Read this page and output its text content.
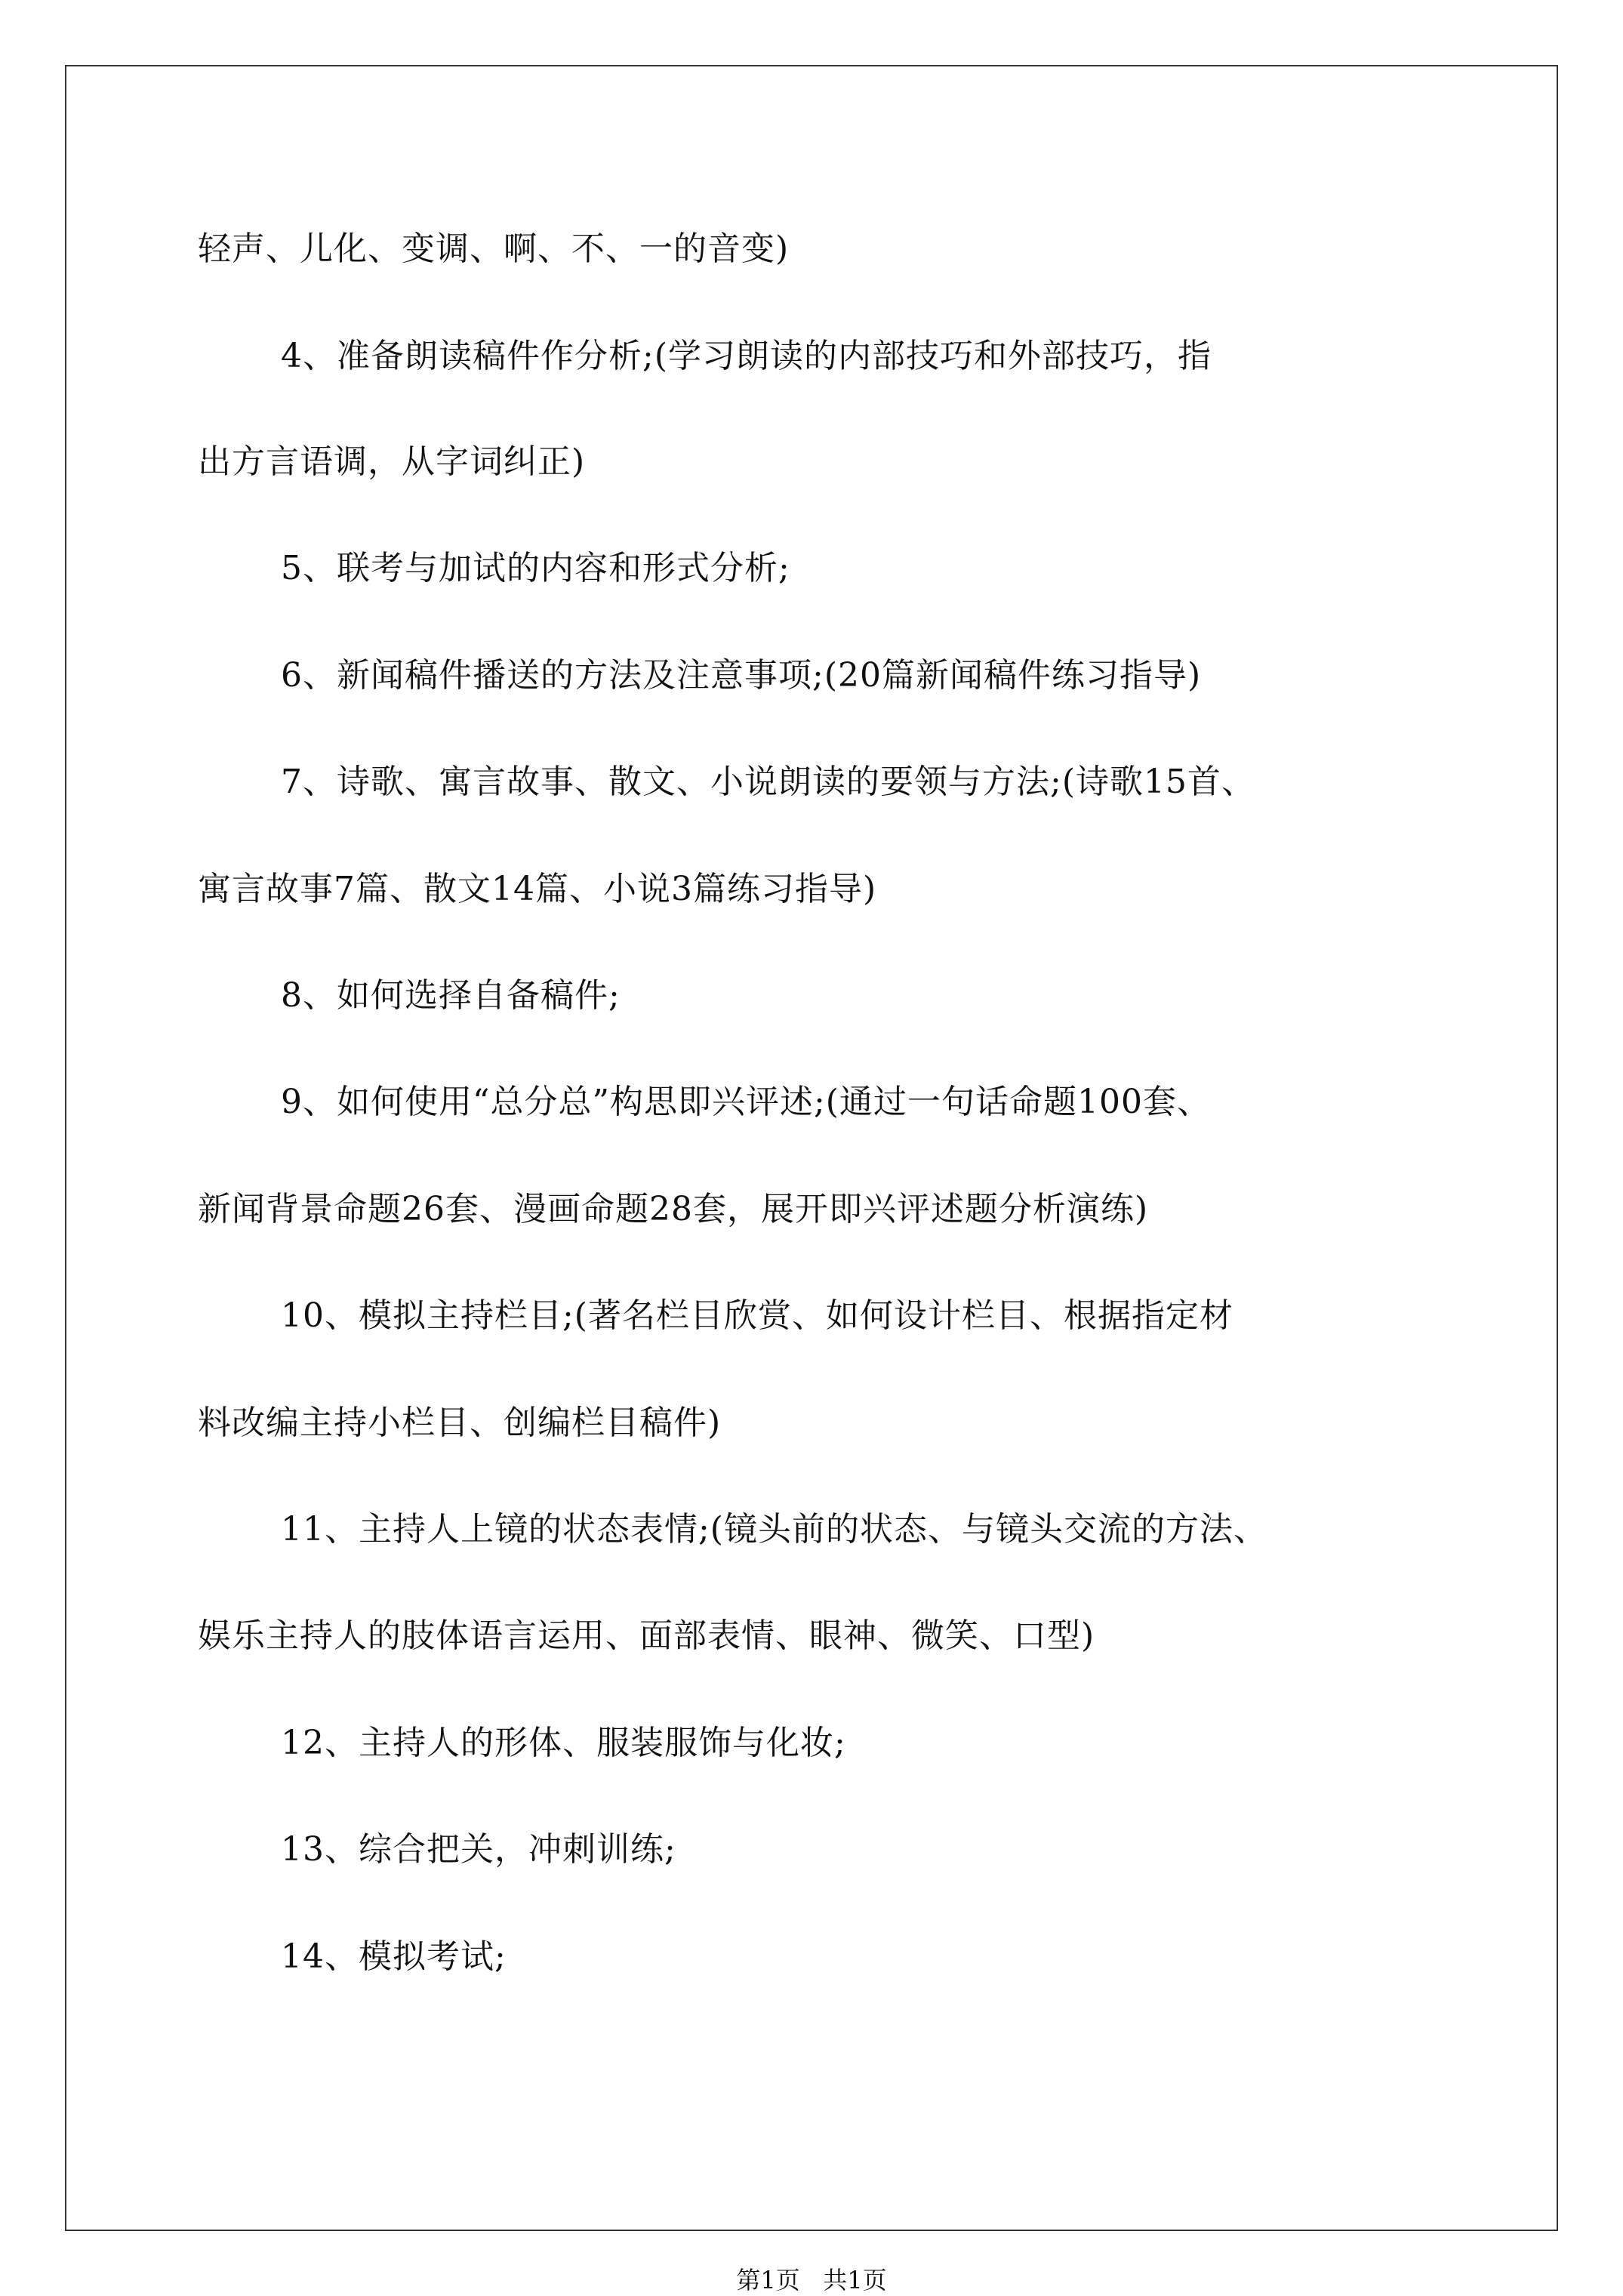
轻声、儿化、变调、啊、不、一的音变)
4、准备朗读稿件作分析;(学习朗读的内部技巧和外部技巧，指
出方言语调，从字词纠正)
5、联考与加试的内容和形式分析;
6、新闻稿件播送的方法及注意事项;(20篇新闻稿件练习指导)
7、诗歌、寓言故事、散文、小说朗读的要领与方法;(诗歌15首、
寓言故事7篇、散文14篇、小说3篇练习指导)
8、如何选择自备稿件;
9、如何使用“总分总”构思即兴评述;(通过一句话命题100套、
新闻背景命题26套、漫画命题28套，展开即兴评述题分析演练)
10、模拟主持栏目;(著名栏目欣赏、如何设计栏目、根据指定材
料改编主持小栏目、创编栏目稿件)
11、主持人上镜的状态表情;(镜头前的状态、与镜头交流的方法、
娱乐主持人的肢体语言运用、面部表情、眼神、微笑、口型)
12、主持人的形体、服装服饰与化妆;
13、综合把关，冲刺训练;
14、模拟考试;
第1页   共1页
